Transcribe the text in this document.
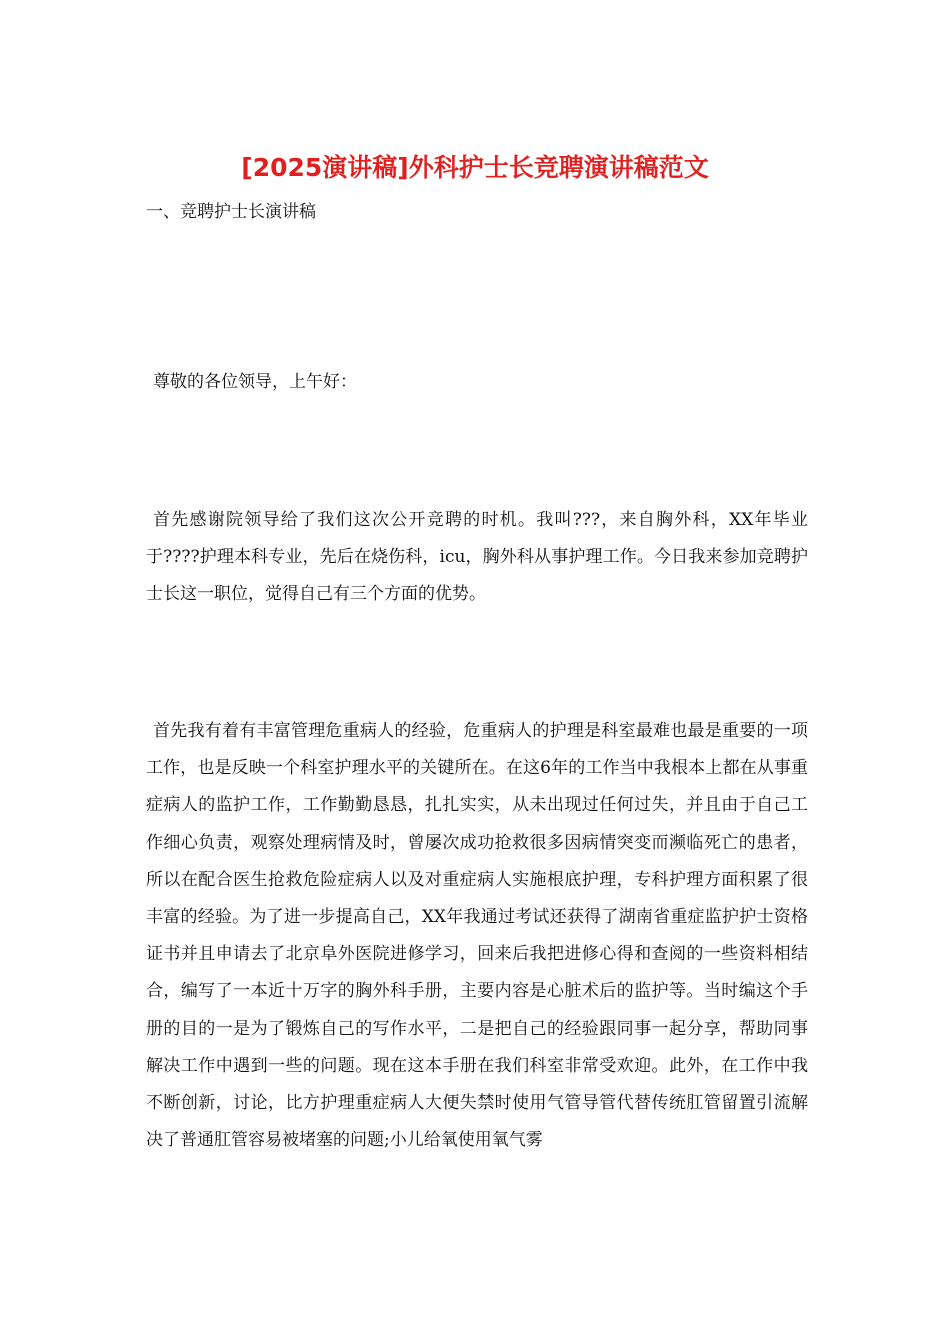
[2025演讲稿]外科护士长竞聘演讲稿范文
一、竞聘护士长演讲稿
尊敬的各位领导，上午好：
首先感谢院领导给了我们这次公开竞聘的时机。我叫???，来自胸外科，XX年毕业于????护理本科专业，先后在烧伤科，icu，胸外科从事护理工作。今日我来参加竞聘护士长这一职位，觉得自己有三个方面的优势。
首先我有着有丰富管理危重病人的经验，危重病人的护理是科室最难也最是重要的一项工作，也是反映一个科室护理水平的关键所在。在这6年的工作当中我根本上都在从事重症病人的监护工作，工作勤勤恳恳，扎扎实实，从未出现过任何过失，并且由于自己工作细心负责，观察处理病情及时，曾屡次成功抢救很多因病情突变而濒临死亡的患者，所以在配合医生抢救危险症病人以及对重症病人实施根底护理，专科护理方面积累了很丰富的经验。为了进一步提高自己，XX年我通过考试还获得了湖南省重症监护护士资格证书并且申请去了北京阜外医院进修学习，回来后我把进修心得和查阅的一些资料相结合，编写了一本近十万字的胸外科手册，主要内容是心脏术后的监护等。当时编这个手册的目的一是为了锻炼自己的写作水平，二是把自己的经验跟同事一起分享，帮助同事解决工作中遇到一些的问题。现在这本手册在我们科室非常受欢迎。此外，在工作中我不断创新，讨论，比方护理重症病人大便失禁时使用气管导管代替传统肛管留置引流解决了普通肛管容易被堵塞的问题;小儿给氧使用氧气雾
